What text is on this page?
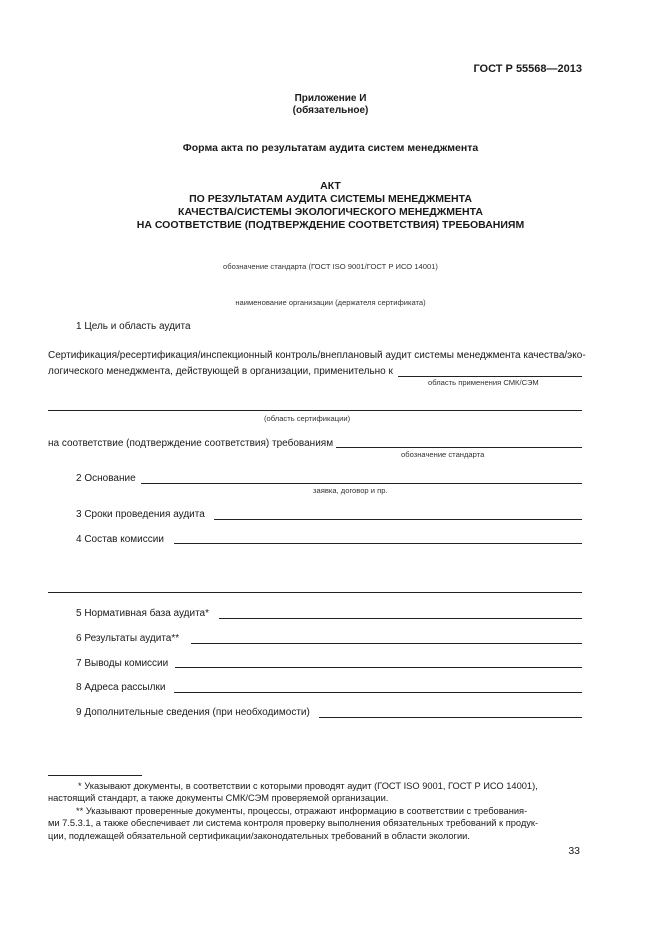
ГОСТ Р 55568—2013
Приложение И
(обязательное)
Форма акта по результатам аудита систем менеджмента
АКТ
ПО РЕЗУЛЬТАТАМ АУДИТА СИСТЕМЫ МЕНЕДЖМЕНТА
КАЧЕСТВА/СИСТЕМЫ ЭКОЛОГИЧЕСКОГО МЕНЕДЖМЕНТА
НА СООТВЕТСТВИЕ (ПОДТВЕРЖДЕНИЕ СООТВЕТСТВИЯ) ТРЕБОВАНИЯМ
обозначение стандарта (ГОСТ ISO 9001/ГОСТ Р ИСО 14001)
наименование организации (держателя сертификата)
1 Цель и область аудита
Сертификация/ресертификация/инспекционный контроль/внеплановый аудит системы менеджмента качества/эко-
логического менеджмента, действующей в организации, применительно к
область применения СМК/СЭМ
(область сертификации)
на соответствие (подтверждение соответствия) требованиям
обозначение стандарта
2 Основание
заявка, договор и пр.
3 Сроки проведения аудита
4 Состав комиссии
5 Нормативная база аудита*
6 Результаты аудита**
7 Выводы комиссии
8 Адреса рассылки
9 Дополнительные сведения (при необходимости)
* Указывают документы, в соответствии с которыми проводят аудит (ГОСТ ISO 9001, ГОСТ Р ИСО 14001),
настоящий стандарт, а также документы СМК/СЭМ проверяемой организации.
** Указывают проверенные документы, процессы, отражают информацию в соответствии с требования-
ми 7.5.3.1, а также обеспечивает ли система контроля проверку выполнения обязательных требований к продук-
ции, подлежащей обязательной сертификации/законодательных требований в области экологии.
33
